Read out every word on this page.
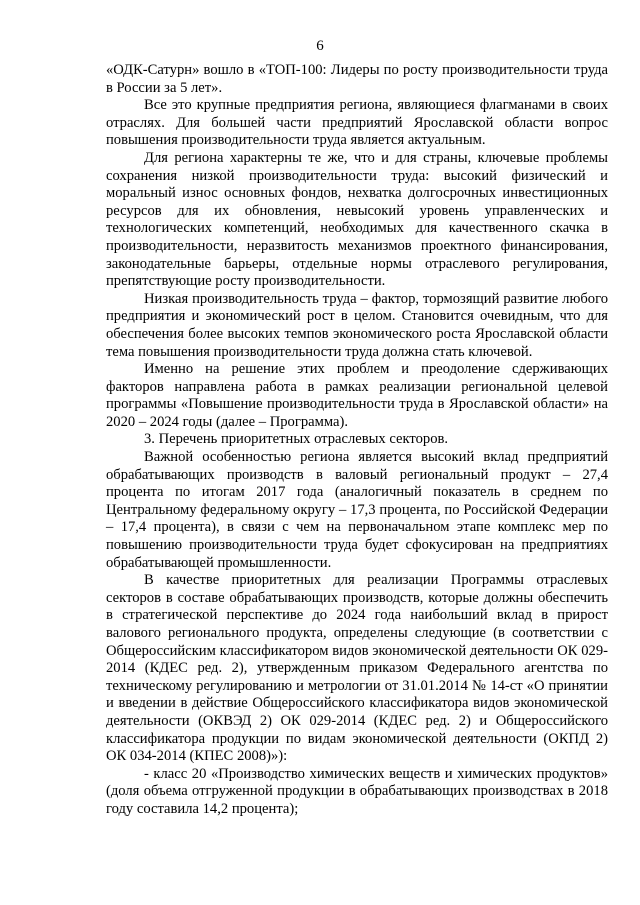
6

«ОДК-Сатурн» вошло в «ТОП-100: Лидеры по росту производительности труда в России за 5 лет».

Все это крупные предприятия региона, являющиеся флагманами в своих отраслях. Для большей части предприятий Ярославской области вопрос повышения производительности труда является актуальным.

Для региона характерны те же, что и для страны, ключевые проблемы сохранения низкой производительности труда: высокий физический и моральный износ основных фондов, нехватка долгосрочных инвестиционных ресурсов для их обновления, невысокий уровень управленческих и технологических компетенций, необходимых для качественного скачка в производительности, неразвитость механизмов проектного финансирования, законодательные барьеры, отдельные нормы отраслевого регулирования, препятствующие росту производительности.

Низкая производительность труда – фактор, тормозящий развитие любого предприятия и экономический рост в целом. Становится очевидным, что для обеспечения более высоких темпов экономического роста Ярославской области тема повышения производительности труда должна стать ключевой.

Именно на решение этих проблем и преодоление сдерживающих факторов направлена работа в рамках реализации региональной целевой программы «Повышение производительности труда в Ярославской области» на 2020 – 2024 годы (далее – Программа).

3. Перечень приоритетных отраслевых секторов.

Важной особенностью региона является высокий вклад предприятий обрабатывающих производств в валовый региональный продукт – 27,4 процента по итогам 2017 года (аналогичный показатель в среднем по Центральному федеральному округу – 17,3 процента, по Российской Федерации – 17,4 процента), в связи с чем на первоначальном этапе комплекс мер по повышению производительности труда будет сфокусирован на предприятиях обрабатывающей промышленности.

В качестве приоритетных для реализации Программы отраслевых секторов в составе обрабатывающих производств, которые должны обеспечить в стратегической перспективе до 2024 года наибольший вклад в прирост валового регионального продукта, определены следующие (в соответствии с Общероссийским классификатором видов экономической деятельности ОК 029-2014 (КДЕС ред. 2), утвержденным приказом Федерального агентства по техническому регулированию и метрологии от 31.01.2014 № 14-ст «О принятии и введении в действие Общероссийского классификатора видов экономической деятельности (ОКВЭД 2) ОК 029-2014 (КДЕС ред. 2) и Общероссийского классификатора продукции по видам экономической деятельности (ОКПД 2) ОК 034-2014 (КПЕС 2008)»):

- класс 20 «Производство химических веществ и химических продуктов» (доля объема отгруженной продукции в обрабатывающих производствах в 2018 году составила 14,2 процента);
